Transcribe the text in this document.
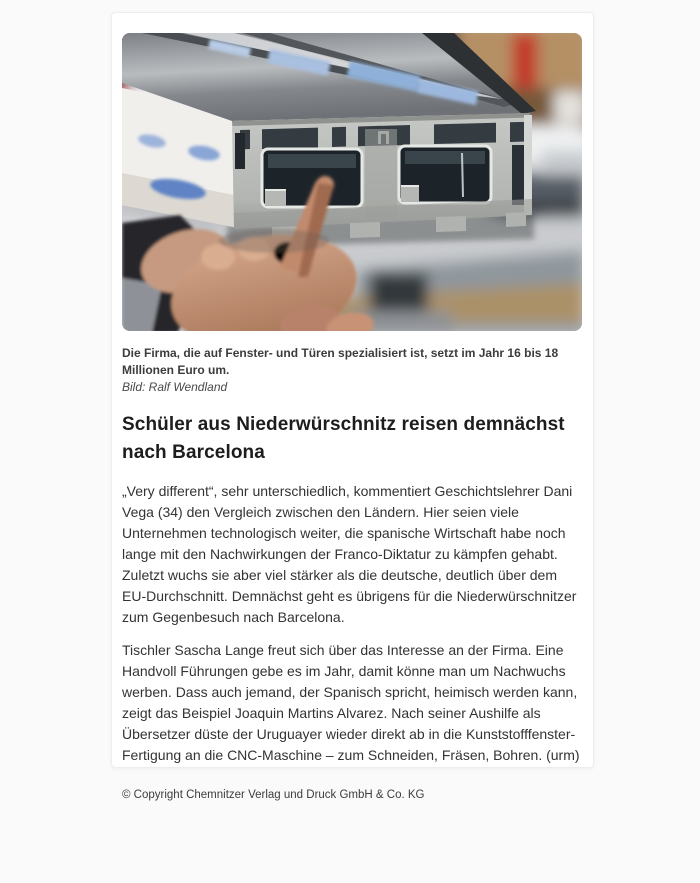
Die Firma, die auf Fenster- und Türen spezialisiert ist, setzt im Jahr 16 bis 18 Millionen Euro um.
Bild: Ralf Wendland
Schüler aus Niederwürschnitz reisen demnächst nach Barcelona

„Very different“, sehr unterschiedlich, kommentiert Geschichtslehrer Dani Vega (34) den Vergleich zwischen den Ländern. Hier seien viele Unternehmen technologisch weiter, die spanische Wirtschaft habe noch lange mit den Nachwirkungen der Franco-Diktatur zu kämpfen gehabt. Zuletzt wuchs sie aber viel stärker als die deutsche, deutlich über dem EU-Durchschnitt. Demnächst geht es übrigens für die Niederwürschnitzer zum Gegenbesuch nach Barcelona.

Tischler Sascha Lange freut sich über das Interesse an der Firma. Eine Handvoll Führungen gebe es im Jahr, damit könne man um Nachwuchs werben. Dass auch jemand, der Spanisch spricht, heimisch werden kann, zeigt das Beispiel Joaquin Martins Alvarez. Nach seiner Aushilfe als Übersetzer düste der Uruguayer wieder direkt ab in die Kunststofffenster-Fertigung an die CNC-Maschine – zum Schneiden, Fräsen, Bohren. (urm)

© Copyright Chemnitzer Verlag und Druck GmbH & Co. KG
